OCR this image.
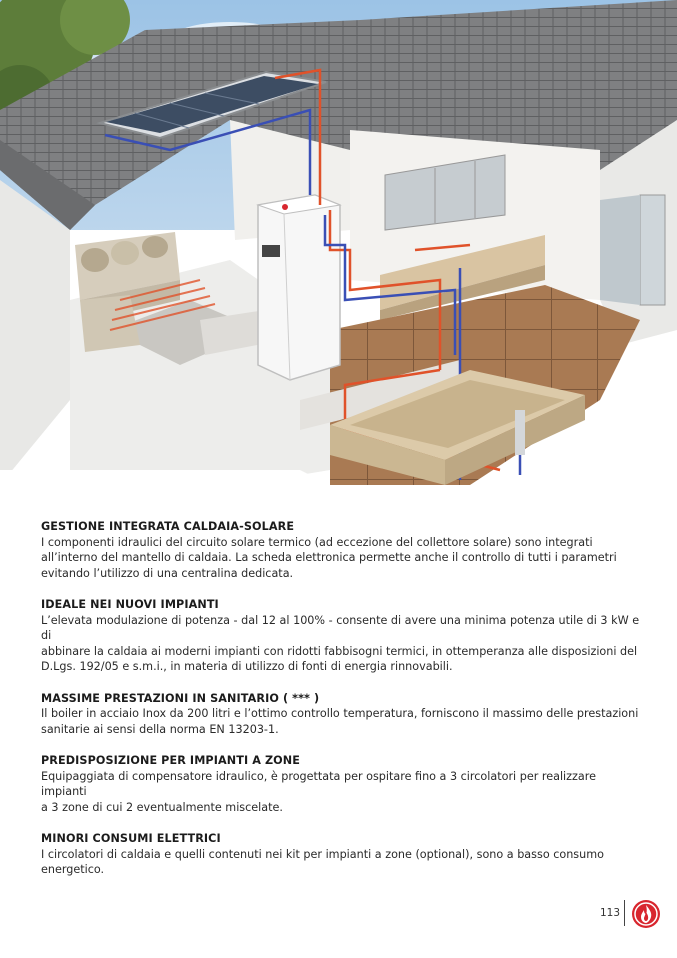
GESTIONE INTEGRATA CALDAIA-SOLARE

I componenti idraulici del circuito solare termico (ad eccezione del collettore solare) sono integrati

all’interno del mantello di caldaia. La scheda elettronica permette anche il controllo di tutti i parametri

evitando l’utilizzo di una centralina dedicata.

IDEALE NEI NUOVI IMPIANTI

L’elevata modulazione di potenza - dal 12 al 100% - consente di avere una minima potenza utile di 3 kW e di

abbinare la caldaia ai moderni impianti con ridotti fabbisogni termici, in ottemperanza alle disposizioni del

D.Lgs. 192/05 e s.m.i., in materia di utilizzo di fonti di energia rinnovabili.

MASSIME PRESTAZIONI IN SANITARIO ( *** )

Il boiler in acciaio Inox da 200 litri e l’ottimo controllo temperatura, forniscono il massimo delle prestazioni

sanitarie ai sensi della norma EN 13203-1.

PREDISPOSIZIONE PER IMPIANTI A ZONE

Equipaggiata di compensatore idraulico, è progettata per ospitare fino a 3 circolatori per realizzare impianti

a 3 zone di cui 2 eventualmente miscelate.

MINORI CONSUMI ELETTRICI

I circolatori di caldaia e quelli contenuti nei kit per impianti a zone (optional), sono a basso consumo

energetico.

113
